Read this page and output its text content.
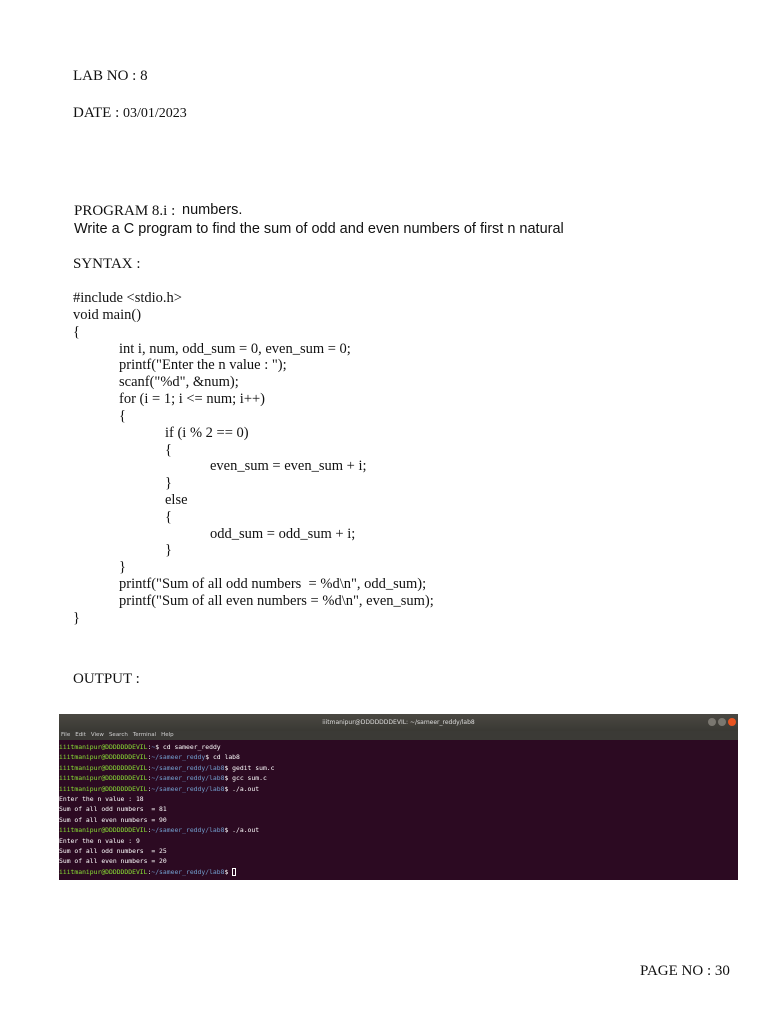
LAB NO : 8
DATE : 03/01/2023

PROGRAM 8.i :
Write a C program to find the sum of odd and even numbers of first n natural

numbers.
SYNTAX :
#include <stdio.h>
void main()
{
int i, num, odd_sum = 0, even_sum = 0;
printf("Enter the n value : ");
scanf("%d", &num);
for (i = 1; i <= num; i++)
{
if (i % 2 == 0)
{
even_sum = even_sum + i;
}
else
{
odd_sum = odd_sum + i;
}
}
printf("Sum of all odd numbers  = %d\n", odd_sum);
printf("Sum of all even numbers = %d\n", even_sum);
}
OUTPUT :
iiitmanipur@DDDDDDDEVIL: ~/sameer_reddy/lab8
File Edit View Search Terminal Help
iiitmanipur@DDDDDDDEVIL:~$ cd sameer_reddy
iiitmanipur@DDDDDDDEVIL:~/sameer_reddy$ cd lab8
iiitmanipur@DDDDDDDEVIL:~/sameer_reddy/lab8$ gedit sum.c
iiitmanipur@DDDDDDDEVIL:~/sameer_reddy/lab8$ gcc sum.c
iiitmanipur@DDDDDDDEVIL:~/sameer_reddy/lab8$ ./a.out
Enter the n value : 18
Sum of all odd numbers  = 81
Sum of all even numbers = 90
iiitmanipur@DDDDDDDEVIL:~/sameer_reddy/lab8$ ./a.out
Enter the n value : 9
Sum of all odd numbers  = 25
Sum of all even numbers = 20
iiitmanipur@DDDDDDDEVIL:~/sameer_reddy/lab8$
PAGE NO : 30
